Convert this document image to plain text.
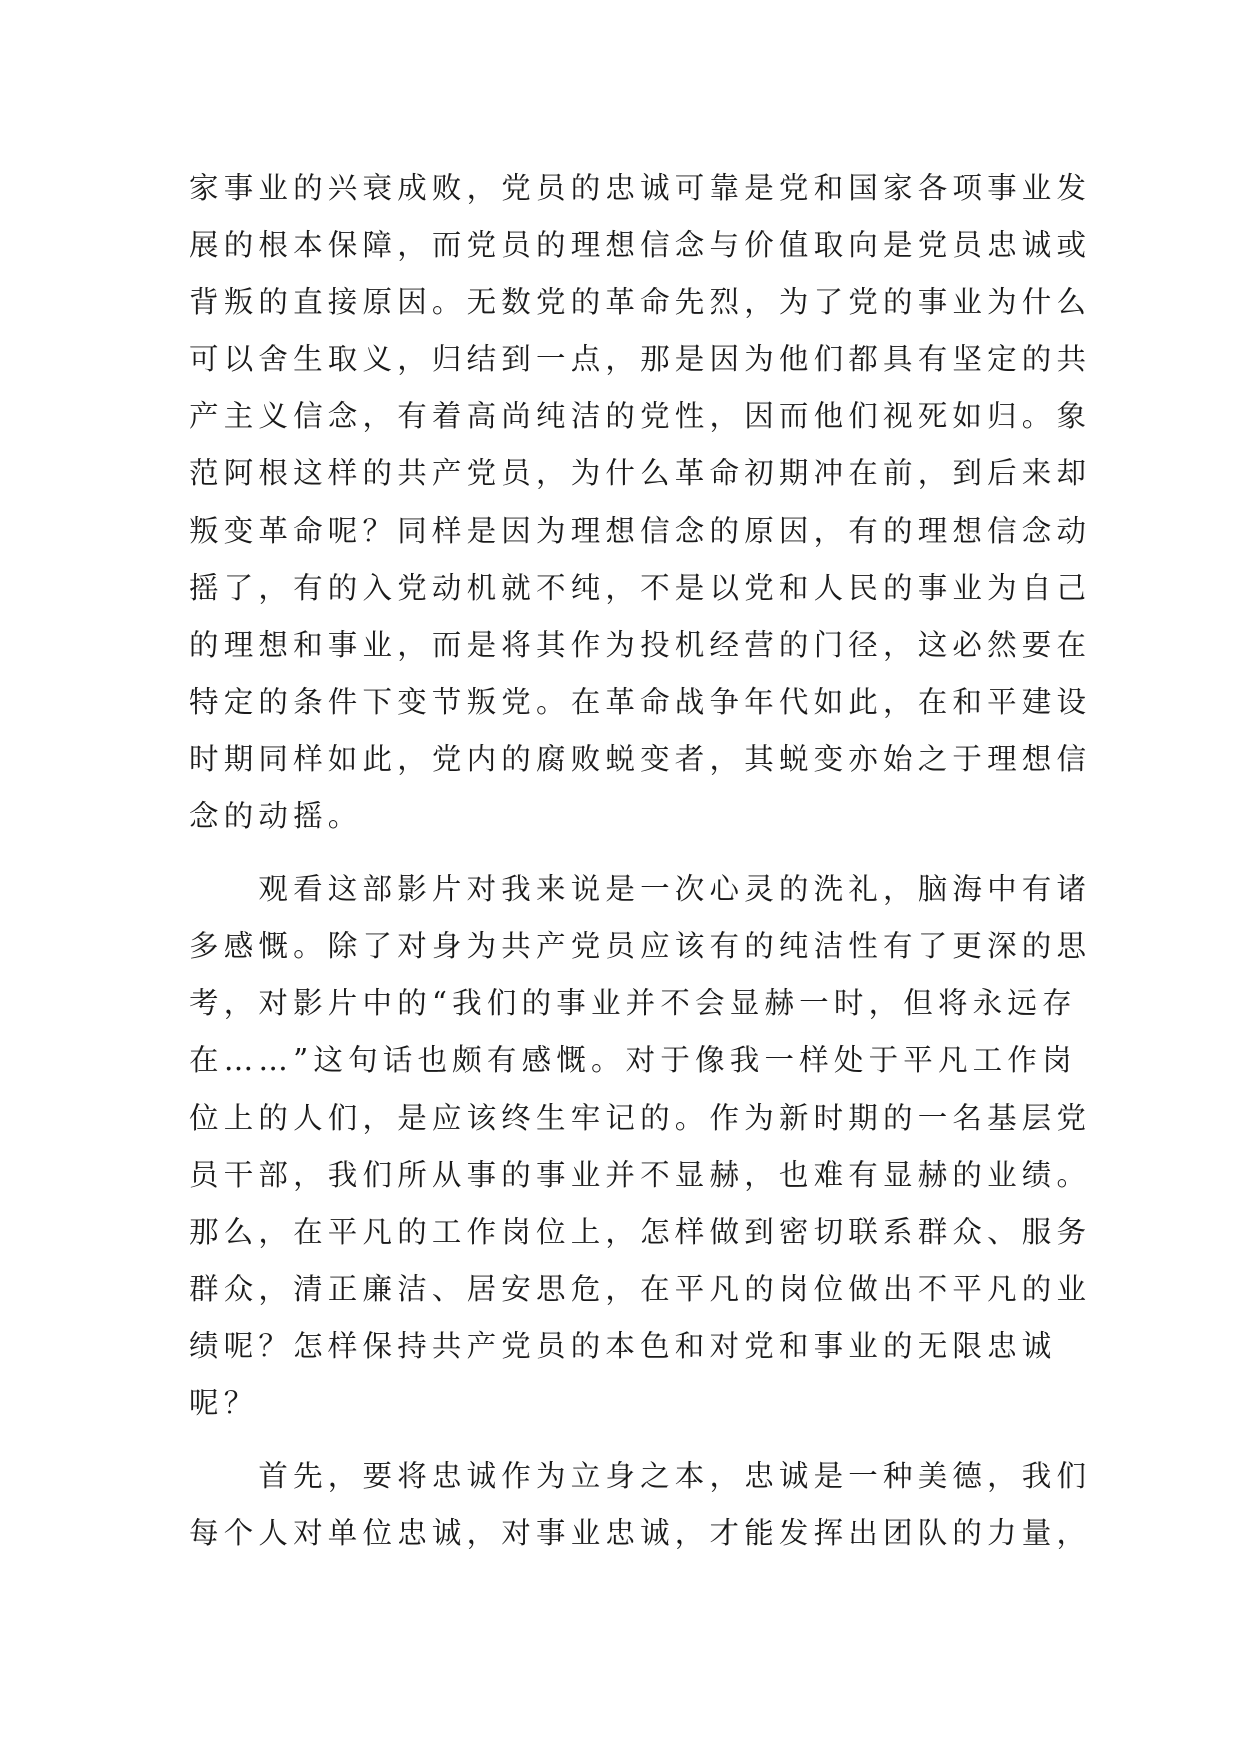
家事业的兴衰成败，党员的忠诚可靠是党和国家各项事业发
展的根本保障，而党员的理想信念与价值取向是党员忠诚或
背叛的直接原因。无数党的革命先烈，为了党的事业为什么
可以舍生取义，归结到一点，那是因为他们都具有坚定的共
产主义信念，有着高尚纯洁的党性，因而他们视死如归。象
范阿根这样的共产党员，为什么革命初期冲在前，到后来却
叛变革命呢？同样是因为理想信念的原因，有的理想信念动
摇了，有的入党动机就不纯，不是以党和人民的事业为自己
的理想和事业，而是将其作为投机经营的门径，这必然要在
特定的条件下变节叛党。在革命战争年代如此，在和平建设
时期同样如此，党内的腐败蜕变者，其蜕变亦始之于理想信
念的动摇。
　　观看这部影片对我来说是一次心灵的洗礼，脑海中有诸
多感慨。除了对身为共产党员应该有的纯洁性有了更深的思
考，对影片中的“我们的事业并不会显赫一时，但将永远存
在……”这句话也颇有感慨。对于像我一样处于平凡工作岗
位上的人们，是应该终生牢记的。作为新时期的一名基层党
员干部，我们所从事的事业并不显赫，也难有显赫的业绩。
那么，在平凡的工作岗位上，怎样做到密切联系群众、服务
群众，清正廉洁、居安思危，在平凡的岗位做出不平凡的业
绩呢？怎样保持共产党员的本色和对党和事业的无限忠诚
呢？
　　首先，要将忠诚作为立身之本，忠诚是一种美德，我们
每个人对单位忠诚，对事业忠诚，才能发挥出团队的力量，
